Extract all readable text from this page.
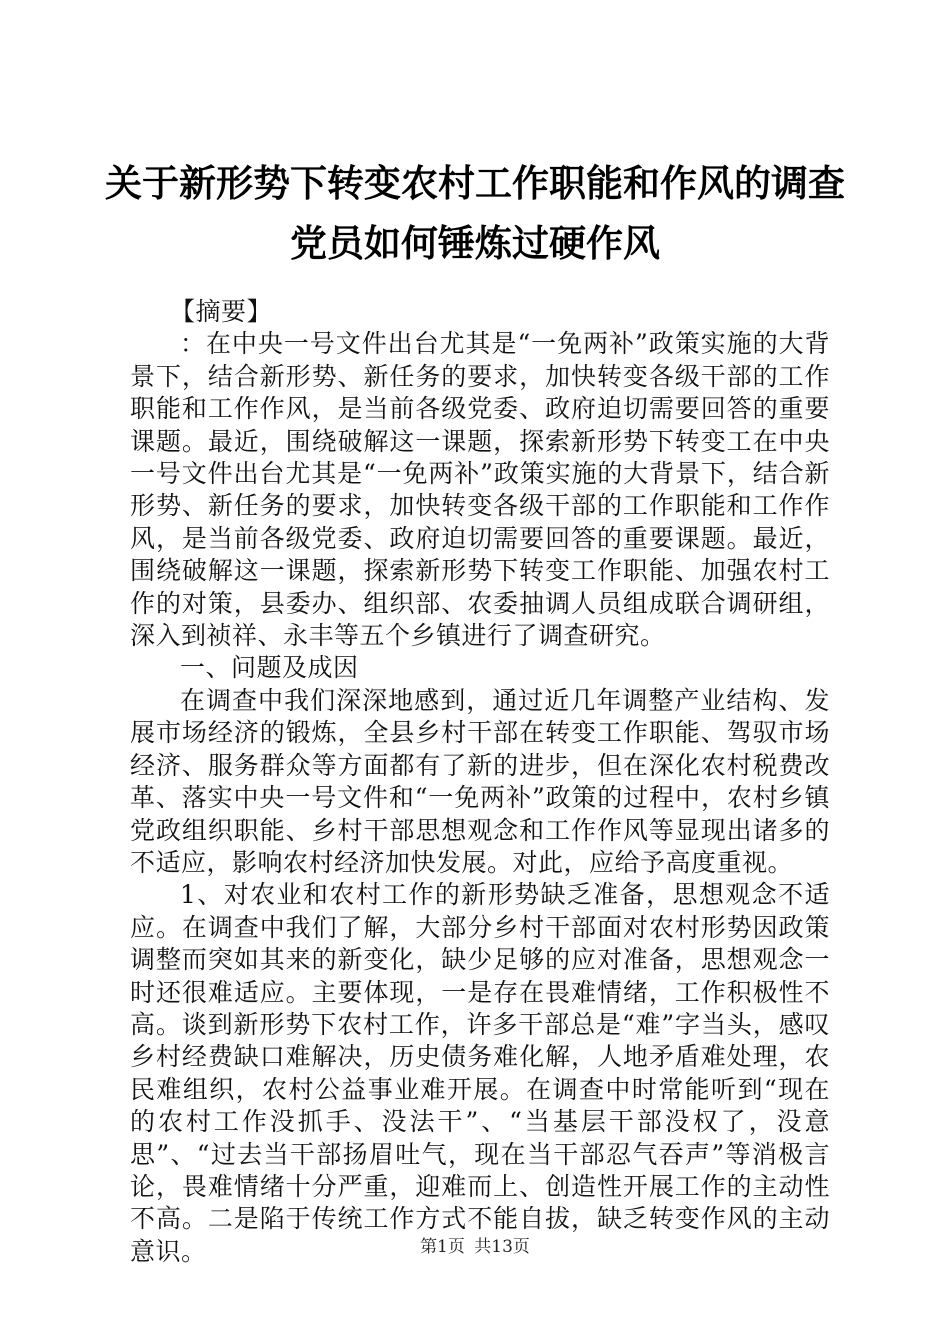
关于新形势下转变农村工作职能和作风的调查
党员如何锤炼过硬作风

【摘要】

：在中央一号文件出台尤其是“一免两补”政策实施的大背景下，结合新形势、新任务的要求，加快转变各级干部的工作职能和工作作风，是当前各级党委、政府迫切需要回答的重要课题。最近，围绕破解这一课题，探索新形势下转变工在中央一号文件出台尤其是“一免两补”政策实施的大背景下，结合新形势、新任务的要求，加快转变各级干部的工作职能和工作作风，是当前各级党委、政府迫切需要回答的重要课题。最近，围绕破解这一课题，探索新形势下转变工作职能、加强农村工作的对策，县委办、组织部、农委抽调人员组成联合调研组，深入到祯祥、永丰等五个乡镇进行了调查研究。

一、问题及成因

在调查中我们深深地感到，通过近几年调整产业结构、发展市场经济的锻炼，全县乡村干部在转变工作职能、驾驭市场经济、服务群众等方面都有了新的进步，但在深化农村税费改革、落实中央一号文件和“一免两补”政策的过程中，农村乡镇党政组织职能、乡村干部思想观念和工作作风等显现出诸多的不适应，影响农村经济加快发展。对此，应给予高度重视。

1、对农业和农村工作的新形势缺乏准备，思想观念不适应。在调查中我们了解，大部分乡村干部面对农村形势因政策调整而突如其来的新变化，缺少足够的应对准备，思想观念一时还很难适应。主要体现，一是存在畏难情绪，工作积极性不高。谈到新形势下农村工作，许多干部总是“难”字当头，感叹乡村经费缺口难解决，历史债务难化解，人地矛盾难处理，农民难组织，农村公益事业难开展。在调查中时常能听到“现在的农村工作没抓手、没法干”、“当基层干部没权了，没意思”、“过去当干部扬眉吐气，现在当干部忍气吞声”等消极言论，畏难情绪十分严重，迎难而上、创造性开展工作的主动性不高。二是陷于传统工作方式不能自拔，缺乏转变作风的主动意识。	第1页 共13页
